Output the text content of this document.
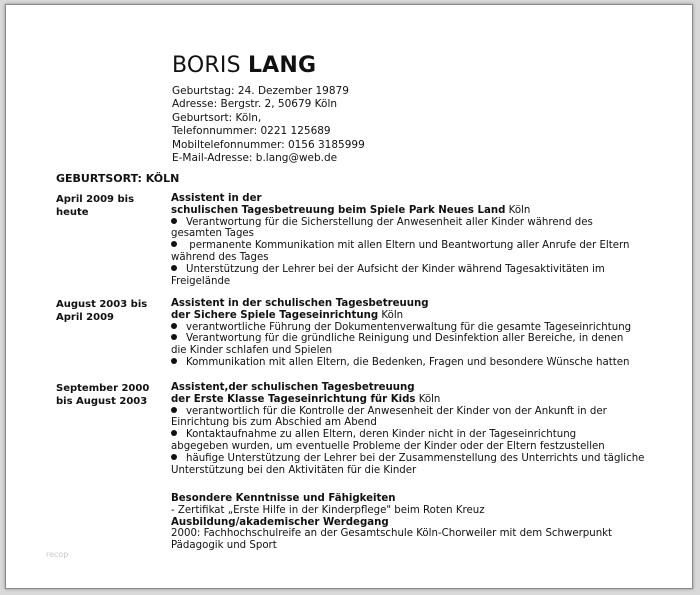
BORIS LANG
Geburtstag: 24. Dezember 19879
Adresse: Bergstr. 2, 50679 Köln
Geburtsort: Köln,
Telefonnummer: 0221 125689
Mobiltelefonnummer: 0156 3185999
E-Mail-Adresse: b.lang@web.de
GEBURTSORT: KÖLN
April 2009 bis heute
Assistent in der
schulischen Tagesbetreuung beim Spiele Park Neues Land Köln
Verantwortung für die Sicherstellung der Anwesenheit aller Kinder während des
gesamten Tages
permanente Kommunikation mit allen Eltern und Beantwortung aller Anrufe der Eltern
während des Tages
Unterstützung der Lehrer bei der Aufsicht der Kinder während Tagesaktivitäten im
Freigelände
August 2003 bis April 2009
Assistent in der schulischen Tagesbetreuung
der Sichere Spiele Tageseinrichtung Köln
verantwortliche Führung der Dokumentenverwaltung für die gesamte Tageseinrichtung
Verantwortung für die gründliche Reinigung und Desinfektion aller Bereiche, in denen
die Kinder schlafen und Spielen
Kommunikation mit allen Eltern, die Bedenken, Fragen und besondere Wünsche hatten
September 2000 bis August 2003
Assistent,der schulischen Tagesbetreuung
der Erste Klasse Tageseinrichtung für Kids Köln
verantwortlich für die Kontrolle der Anwesenheit der Kinder von der Ankunft in der
Einrichtung bis zum Abschied am Abend
Kontaktaufnahme zu allen Eltern, deren Kinder nicht in der Tageseinrichtung
abgegeben wurden, um eventuelle Probleme der Kinder oder der Eltern festzustellen
häufige Unterstützung der Lehrer bei der Zusammenstellung des Unterrichts und tägliche
Unterstützung bei den Aktivitäten für die Kinder
Besondere Kenntnisse und Fähigkeiten
- Zertifikat „Erste Hilfe in der Kinderpflege" beim Roten Kreuz
Ausbildung/akademischer Werdegang
2000: Fachhochschulreife an der Gesamtschule Köln-Chorweiler mit dem Schwerpunkt
Pädagogik und Sport
recop
